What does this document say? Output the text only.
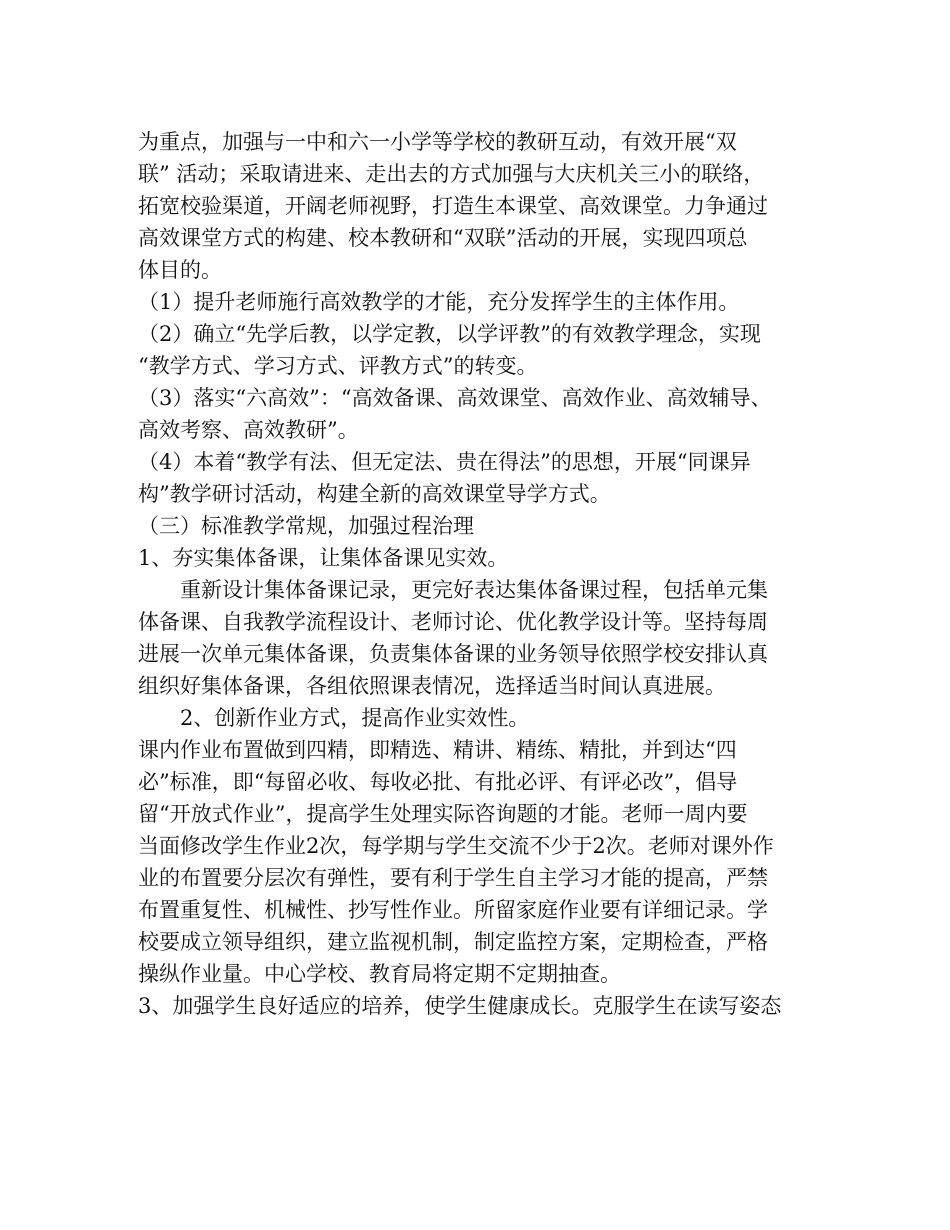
为重点，加强与一中和六一小学等学校的教研互动，有效开展“双

联” 活动；采取请进来、走出去的方式加强与大庆机关三小的联络，

拓宽校验渠道，开阔老师视野，打造生本课堂、高效课堂。力争通过

高效课堂方式的构建、校本教研和“双联”活动的开展，实现四项总

体目的。

（1）提升老师施行高效教学的才能，充分发挥学生的主体作用。

（2）确立“先学后教，以学定教，以学评教”的有效教学理念，实现

“教学方式、学习方式、评教方式”的转变。

（3）落实“六高效”：“高效备课、高效课堂、高效作业、高效辅导、

高效考察、高效教研”。

（4）本着“教学有法、但无定法、贵在得法”的思想，开展“同课异

构”教学研讨活动，构建全新的高效课堂导学方式。

（三）标准教学常规，加强过程治理

1、夯实集体备课，让集体备课见实效。

重新设计集体备课记录，更完好表达集体备课过程，包括单元集

体备课、自我教学流程设计、老师讨论、优化教学设计等。坚持每周

进展一次单元集体备课，负责集体备课的业务领导依照学校安排认真

组织好集体备课，各组依照课表情况，选择适当时间认真进展。

2、创新作业方式，提高作业实效性。

课内作业布置做到四精，即精选、精讲、精练、精批，并到达“四

必”标准，即“每留必收、每收必批、有批必评、有评必改”，倡导

留“开放式作业”，提高学生处理实际咨询题的才能。老师一周内要

当面修改学生作业2次，每学期与学生交流不少于2次。老师对课外作

业的布置要分层次有弹性，要有利于学生自主学习才能的提高，严禁

布置重复性、机械性、抄写性作业。所留家庭作业要有详细记录。学

校要成立领导组织，建立监视机制，制定监控方案，定期检查，严格

操纵作业量。中心学校、教育局将定期不定期抽查。

3、加强学生良好适应的培养，使学生健康成长。克服学生在读写姿态
